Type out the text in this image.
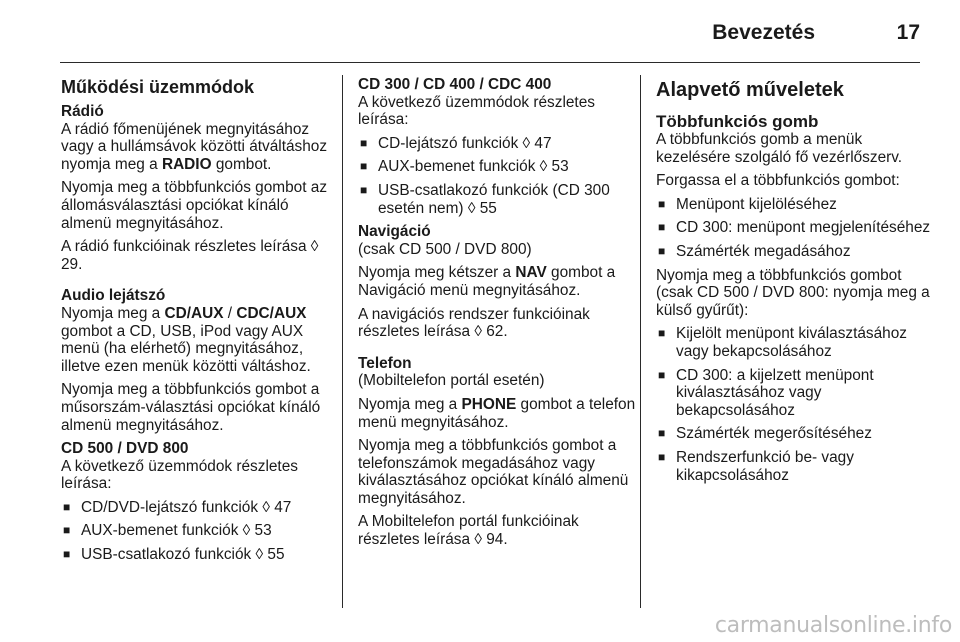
Bevezetés	17
Működési üzemmódok
Rádió

A rádió főmenüjének megnyitásához vagy a hullámsávok közötti átváltáshoz nyomja meg a RADIO gombot.

Nyomja meg a többfunkciós gombot az állomásválasztási opciókat kínáló almenü megnyitásához.

A rádió funkcióinak részletes leírása ◊ 29.

Audio lejátszó

Nyomja meg a CD/AUX / CDC/AUX gombot a CD, USB, iPod vagy AUX menü (ha elérhető) megnyitásához, illetve ezen menük közötti váltáshoz.

Nyomja meg a többfunkciós gombot a műsorszám-választási opciókat kínáló almenü megnyitásához.

CD 500 / DVD 800

A következő üzemmódok részletes leírása:

■ CD/DVD-lejátszó funkciók ◊ 47
■ AUX-bemenet funkciók ◊ 53
■ USB-csatlakozó funkciók ◊ 55
CD 300 / CD 400 / CDC 400

A következő üzemmódok részletes leírása:

■ CD-lejátszó funkciók ◊ 47
■ AUX-bemenet funkciók ◊ 53
■ USB-csatlakozó funkciók (CD 300 esetén nem) ◊ 55
Navigáció

(csak CD 500 / DVD 800)

Nyomja meg kétszer a NAV gombot a Navigáció menü megnyitásához.

A navigációs rendszer funkcióinak részletes leírása ◊ 62.

Telefon

(Mobiltelefon portál esetén)

Nyomja meg a PHONE gombot a telefon menü megnyitásához.

Nyomja meg a többfunkciós gombot a telefonszámok megadásához vagy kiválasztásához opciókat kínáló almenü megnyitásához.

A Mobiltelefon portál funkcióinak részletes leírása ◊ 94.

Alapvető műveletek
Többfunkciós gomb

A többfunkciós gomb a menük kezelésére szolgáló fő vezérlőszerv.

Forgassa el a többfunkciós gombot:

■ Menüpont kijelöléséhez
■ CD 300: menüpont megjelenítéséhez
■ Számérték megadásához

Nyomja meg a többfunkciós gombot (csak CD 500 / DVD 800: nyomja meg a külső gyűrűt):

■ Kijelölt menüpont kiválasztásához vagy bekapcsolásához
■ CD 300: a kijelzett menüpont kiválasztásához vagy bekapcsolásához
■ Számérték megerősítéséhez
■ Rendszerfunkció be- vagy kikapcsolásához
carmanualsonline.info
